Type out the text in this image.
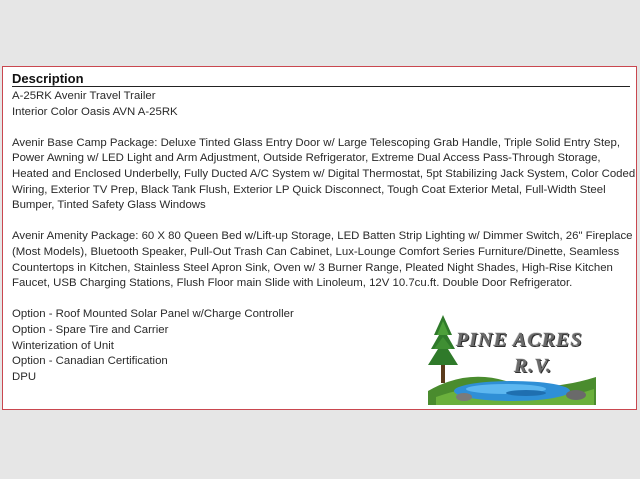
Description
A-25RK Avenir Travel Trailer
Interior Color Oasis AVN A-25RK
Avenir Base Camp Package: Deluxe Tinted Glass Entry Door w/ Large Telescoping Grab Handle, Triple Solid Entry Step,
Power Awning w/ LED Light and Arm Adjustment, Outside Refrigerator, Extreme Dual Access Pass-Through Storage,
Heated and Enclosed Underbelly, Fully Ducted A/C System w/ Digital Thermostat, 5pt Stabilizing Jack System, Color Coded
Wiring, Exterior TV Prep, Black Tank Flush, Exterior LP Quick Disconnect, Tough Coat Exterior Metal, Full-Width Steel
Bumper, Tinted Safety Glass Windows
Avenir Amenity Package: 60 X 80 Queen Bed w/Lift-up Storage, LED Batten Strip Lighting w/ Dimmer Switch, 26" Fireplace
(Most Models), Bluetooth Speaker, Pull-Out Trash Can Cabinet, Lux-Lounge Comfort Series Furniture/Dinette, Seamless
Countertops in Kitchen, Stainless Steel Apron Sink, Oven w/ 3 Burner Range, Pleated Night Shades, High-Rise Kitchen
Faucet, USB Charging Stations, Flush Floor main Slide with Linoleum, 12V 10.7cu.ft. Double Door Refrigerator.
Option - Roof Mounted Solar Panel w/Charge Controller
Option - Spare Tire and Carrier
Winterization of Unit
Option - Canadian Certification
DPU
PINE ACRES
R.V.
